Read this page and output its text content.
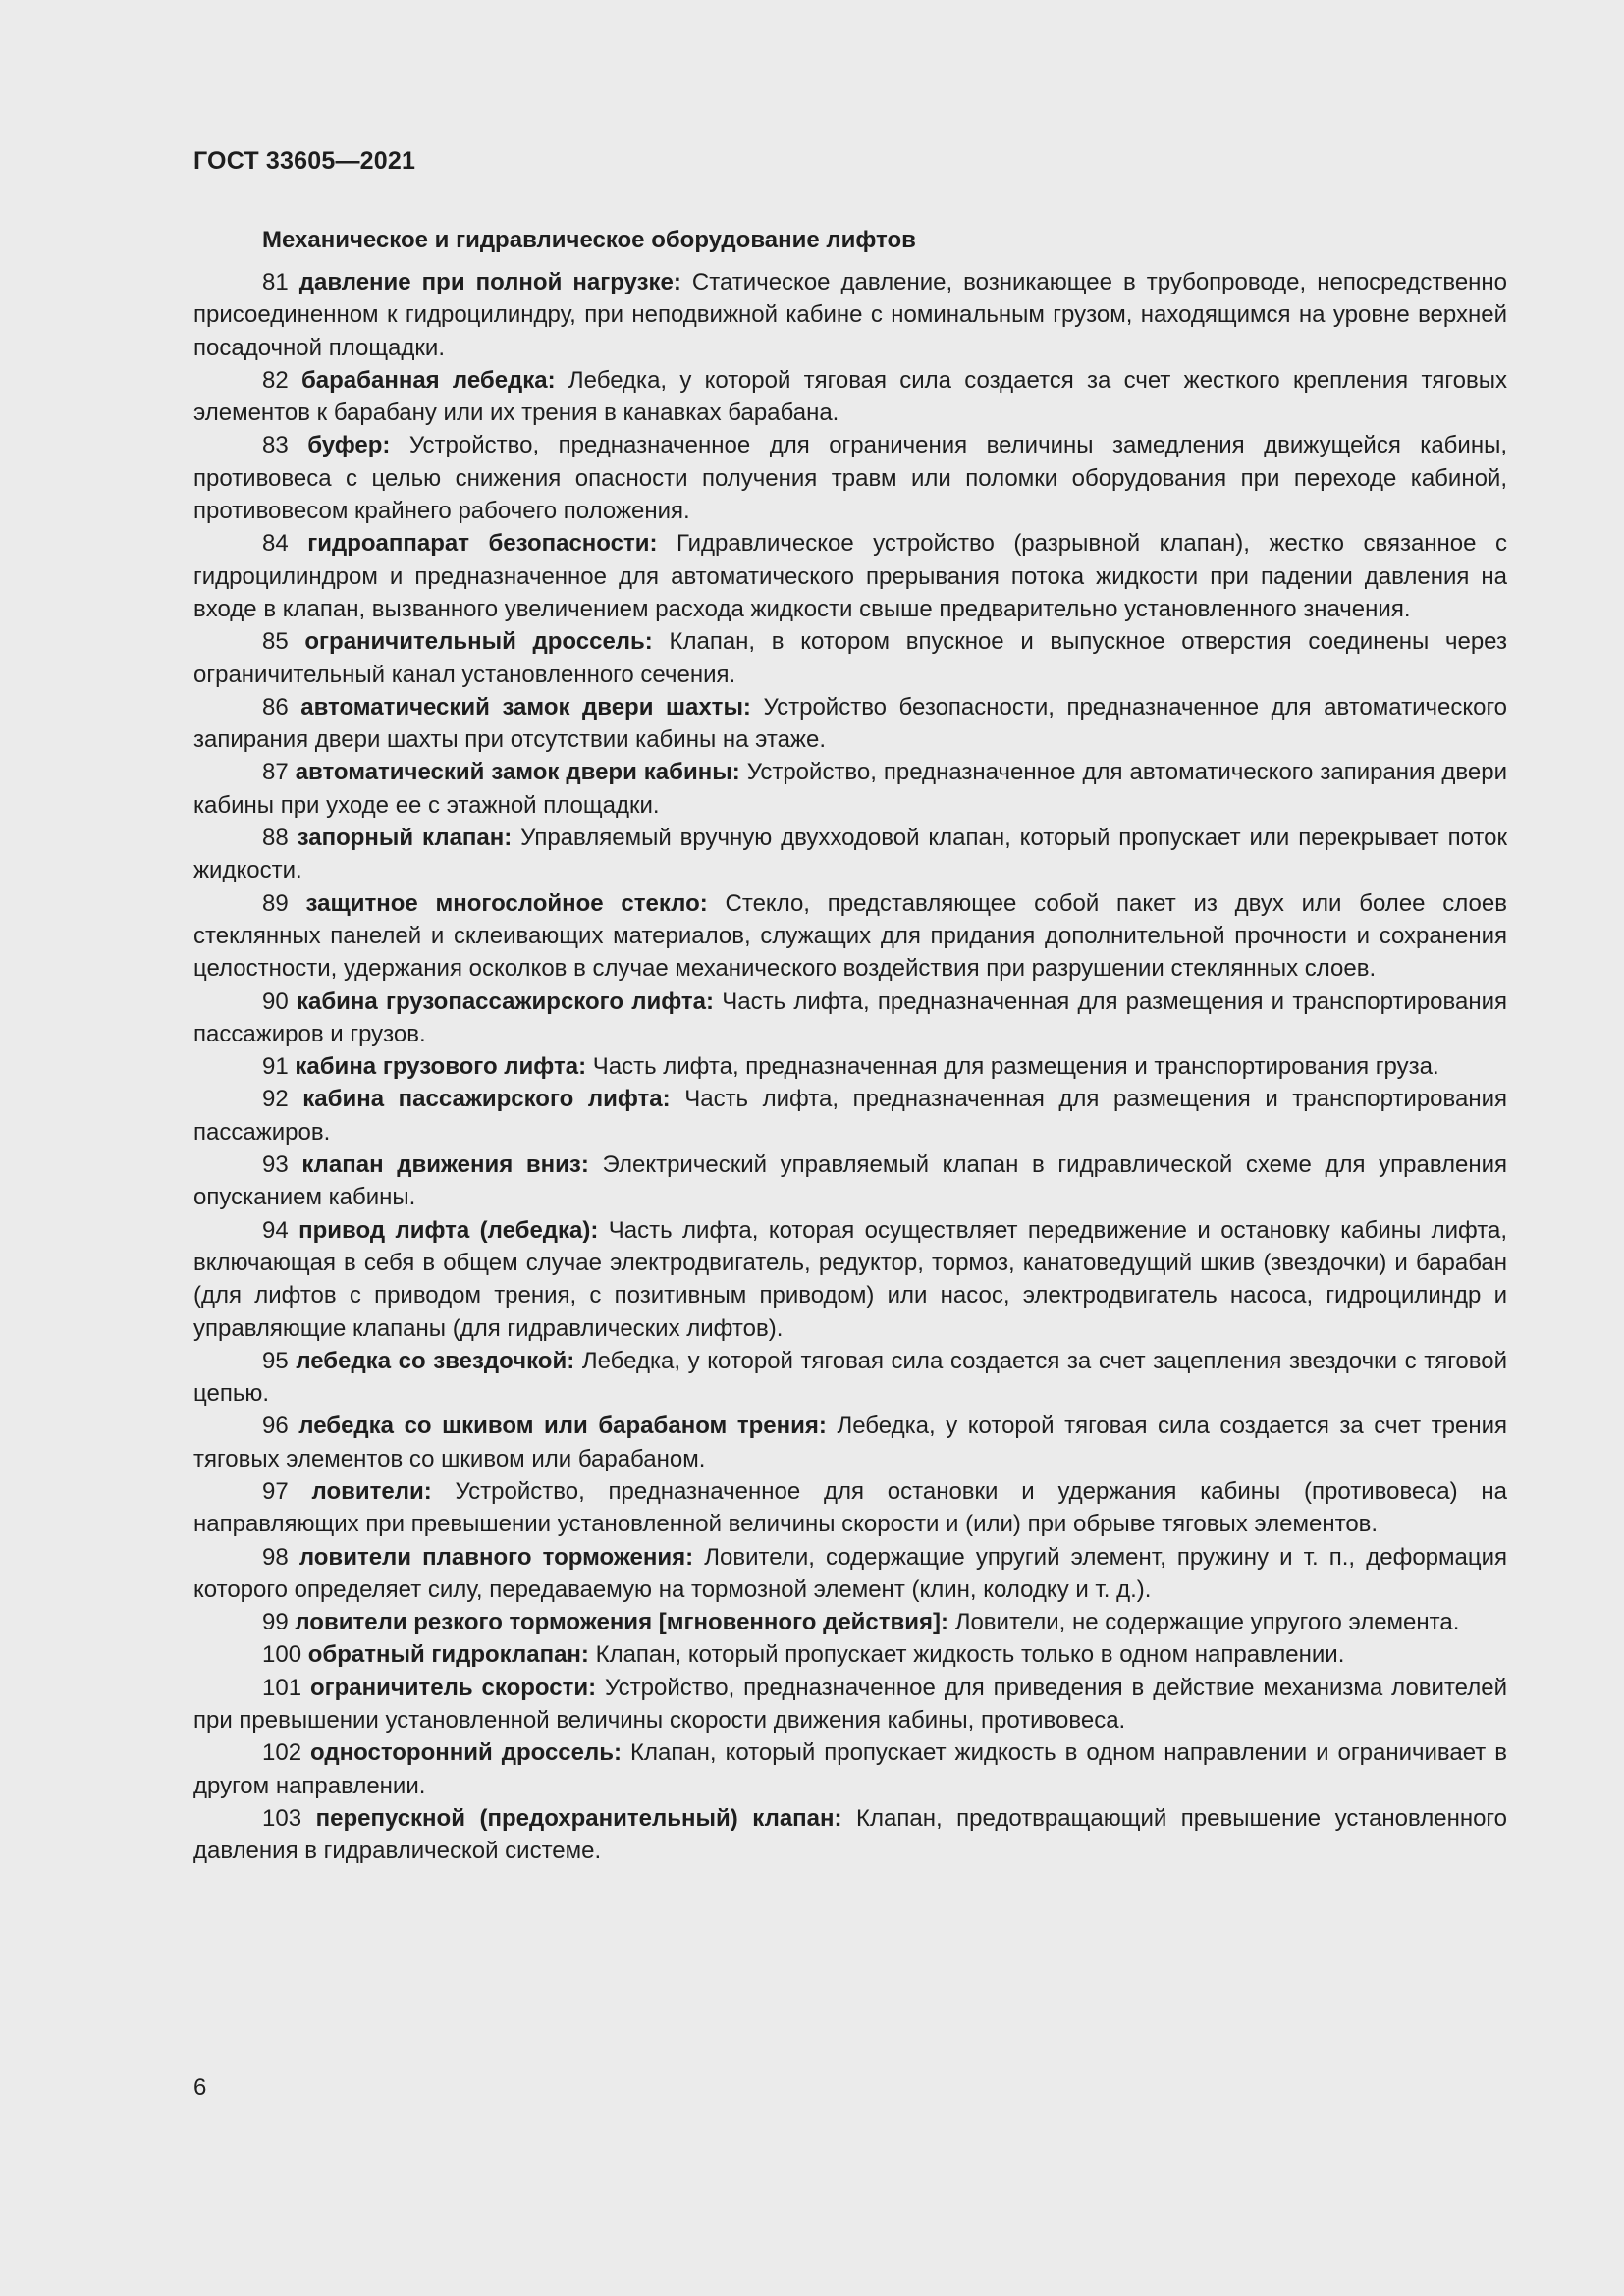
ГОСТ 33605—2021

Механическое и гидравлическое оборудование лифтов

81 давление при полной нагрузке: Статическое давление, возникающее в трубопроводе, непосредственно присоединенном к гидроцилиндру, при неподвижной кабине с номинальным грузом, находящимся на уровне верхней посадочной площадки.

82 барабанная лебедка: Лебедка, у которой тяговая сила создается за счет жесткого крепления тяговых элементов к барабану или их трения в канавках барабана.

83 буфер: Устройство, предназначенное для ограничения величины замедления движущейся кабины, противовеса с целью снижения опасности получения травм или поломки оборудования при переходе кабиной, противовесом крайнего рабочего положения.

84 гидроаппарат безопасности: Гидравлическое устройство (разрывной клапан), жестко связанное с гидроцилиндром и предназначенное для автоматического прерывания потока жидкости при падении давления на входе в клапан, вызванного увеличением расхода жидкости свыше предварительно установленного значения.

85 ограничительный дроссель: Клапан, в котором впускное и выпускное отверстия соединены через ограничительный канал установленного сечения.

86 автоматический замок двери шахты: Устройство безопасности, предназначенное для автоматического запирания двери шахты при отсутствии кабины на этаже.

87 автоматический замок двери кабины: Устройство, предназначенное для автоматического запирания двери кабины при уходе ее с этажной площадки.

88 запорный клапан: Управляемый вручную двухходовой клапан, который пропускает или перекрывает поток жидкости.

89 защитное многослойное стекло: Стекло, представляющее собой пакет из двух или более слоев стеклянных панелей и склеивающих материалов, служащих для придания дополнительной прочности и сохранения целостности, удержания осколков в случае механического воздействия при разрушении стеклянных слоев.

90 кабина грузопассажирского лифта: Часть лифта, предназначенная для размещения и транспортирования пассажиров и грузов.

91 кабина грузового лифта: Часть лифта, предназначенная для размещения и транспортирования груза.

92 кабина пассажирского лифта: Часть лифта, предназначенная для размещения и транспортирования пассажиров.

93 клапан движения вниз: Электрический управляемый клапан в гидравлической схеме для управления опусканием кабины.

94 привод лифта (лебедка): Часть лифта, которая осуществляет передвижение и остановку кабины лифта, включающая в себя в общем случае электродвигатель, редуктор, тормоз, канатоведущий шкив (звездочки) и барабан (для лифтов с приводом трения, с позитивным приводом) или насос, электродвигатель насоса, гидроцилиндр и управляющие клапаны (для гидравлических лифтов).

95 лебедка со звездочкой: Лебедка, у которой тяговая сила создается за счет зацепления звездочки с тяговой цепью.

96 лебедка со шкивом или барабаном трения: Лебедка, у которой тяговая сила создается за счет трения тяговых элементов со шкивом или барабаном.

97 ловители: Устройство, предназначенное для остановки и удержания кабины (противовеса) на направляющих при превышении установленной величины скорости и (или) при обрыве тяговых элементов.

98 ловители плавного торможения: Ловители, содержащие упругий элемент, пружину и т. п., деформация которого определяет силу, передаваемую на тормозной элемент (клин, колодку и т. д.).

99 ловители резкого торможения [мгновенного действия]: Ловители, не содержащие упругого элемента.

100 обратный гидроклапан: Клапан, который пропускает жидкость только в одном направлении.

101 ограничитель скорости: Устройство, предназначенное для приведения в действие механизма ловителей при превышении установленной величины скорости движения кабины, противовеса.

102 односторонний дроссель: Клапан, который пропускает жидкость в одном направлении и ограничивает в другом направлении.

103 перепускной (предохранительный) клапан: Клапан, предотвращающий превышение установленного давления в гидравлической системе.

6
